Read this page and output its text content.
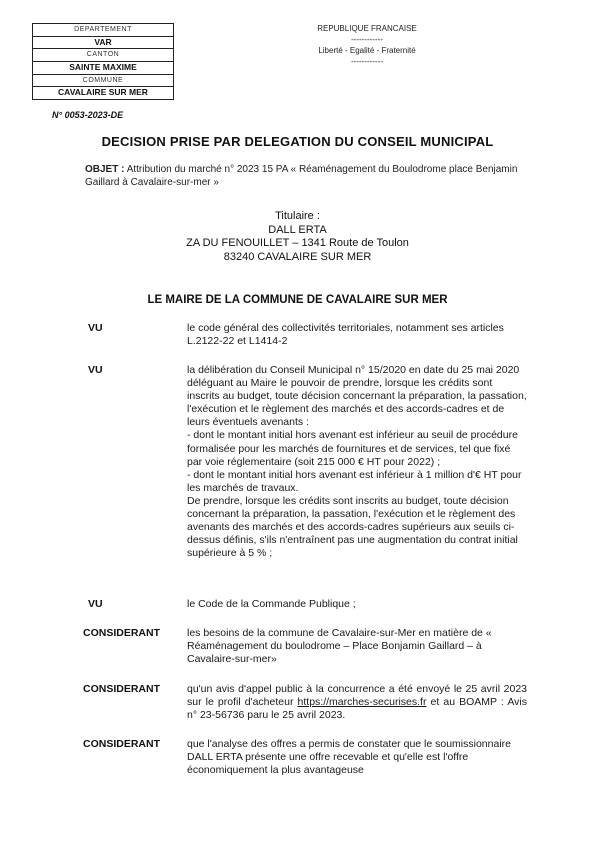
DEPARTEMENT
VAR
CANTON
SAINTE MAXIME
COMMUNE
CAVALAIRE SUR MER
REPUBLIQUE FRANCAISE
------------
Liberté - Egalité - Fraternité
------------
N° 0053-2023-DE
DECISION PRISE PAR DELEGATION DU CONSEIL MUNICIPAL
OBJET : Attribution du marché n° 2023 15 PA « Réaménagement du Boulodrome place Benjamin Gaillard à Cavalaire-sur-mer »
Titulaire :
DALL ERTA
ZA DU FENOUILLET – 1341 Route de Toulon
83240 CAVALAIRE SUR MER
LE MAIRE DE LA COMMUNE DE CAVALAIRE SUR MER
VU	le code général des collectivités territoriales, notamment ses articles L.2122-22 et L1414-2

VU	la délibération du Conseil Municipal n° 15/2020 en date du 25 mai 2020 déléguant au Maire le pouvoir de prendre, lorsque les crédits sont inscrits au budget, toute décision concernant la préparation, la passation, l'exécution et le règlement des marchés et des accords-cadres et de leurs éventuels avenants :

- dont le montant initial hors avenant est inférieur au seuil de procédure formalisée pour les marchés de fournitures et de services, tel que fixé par voie réglementaire (soit 215 000 € HT pour 2022) ;

- dont le montant initial hors avenant est inférieur à 1 million d'€ HT pour les marchés de travaux.

De prendre, lorsque les crédits sont inscrits au budget, toute décision concernant la préparation, la passation, l'exécution et le règlement des avenants des marchés et des accords-cadres supérieurs aux seuils ci-dessus définis, s'ils n'entraînent pas une augmentation du contrat initial supérieure à 5 % ;

VU	le Code de la Commande Publique ;

CONSIDERANT	les besoins de la commune de Cavalaire-sur-Mer en matière de « Réaménagement du boulodrome – Place Bonjamin Gaillard – à Cavalaire-sur-mer»

CONSIDERANT	qu'un avis d'appel public à la concurrence a été envoyé le 25 avril 2023 sur le profil d'acheteur https://marches-securises.fr et au BOAMP : Avis n° 23-56736 paru le 25 avril 2023.

CONSIDERANT	que l'analyse des offres a permis de constater que le soumissionnaire DALL ERTA présente une offre recevable et qu'elle est l'offre économiquement la plus avantageuse
